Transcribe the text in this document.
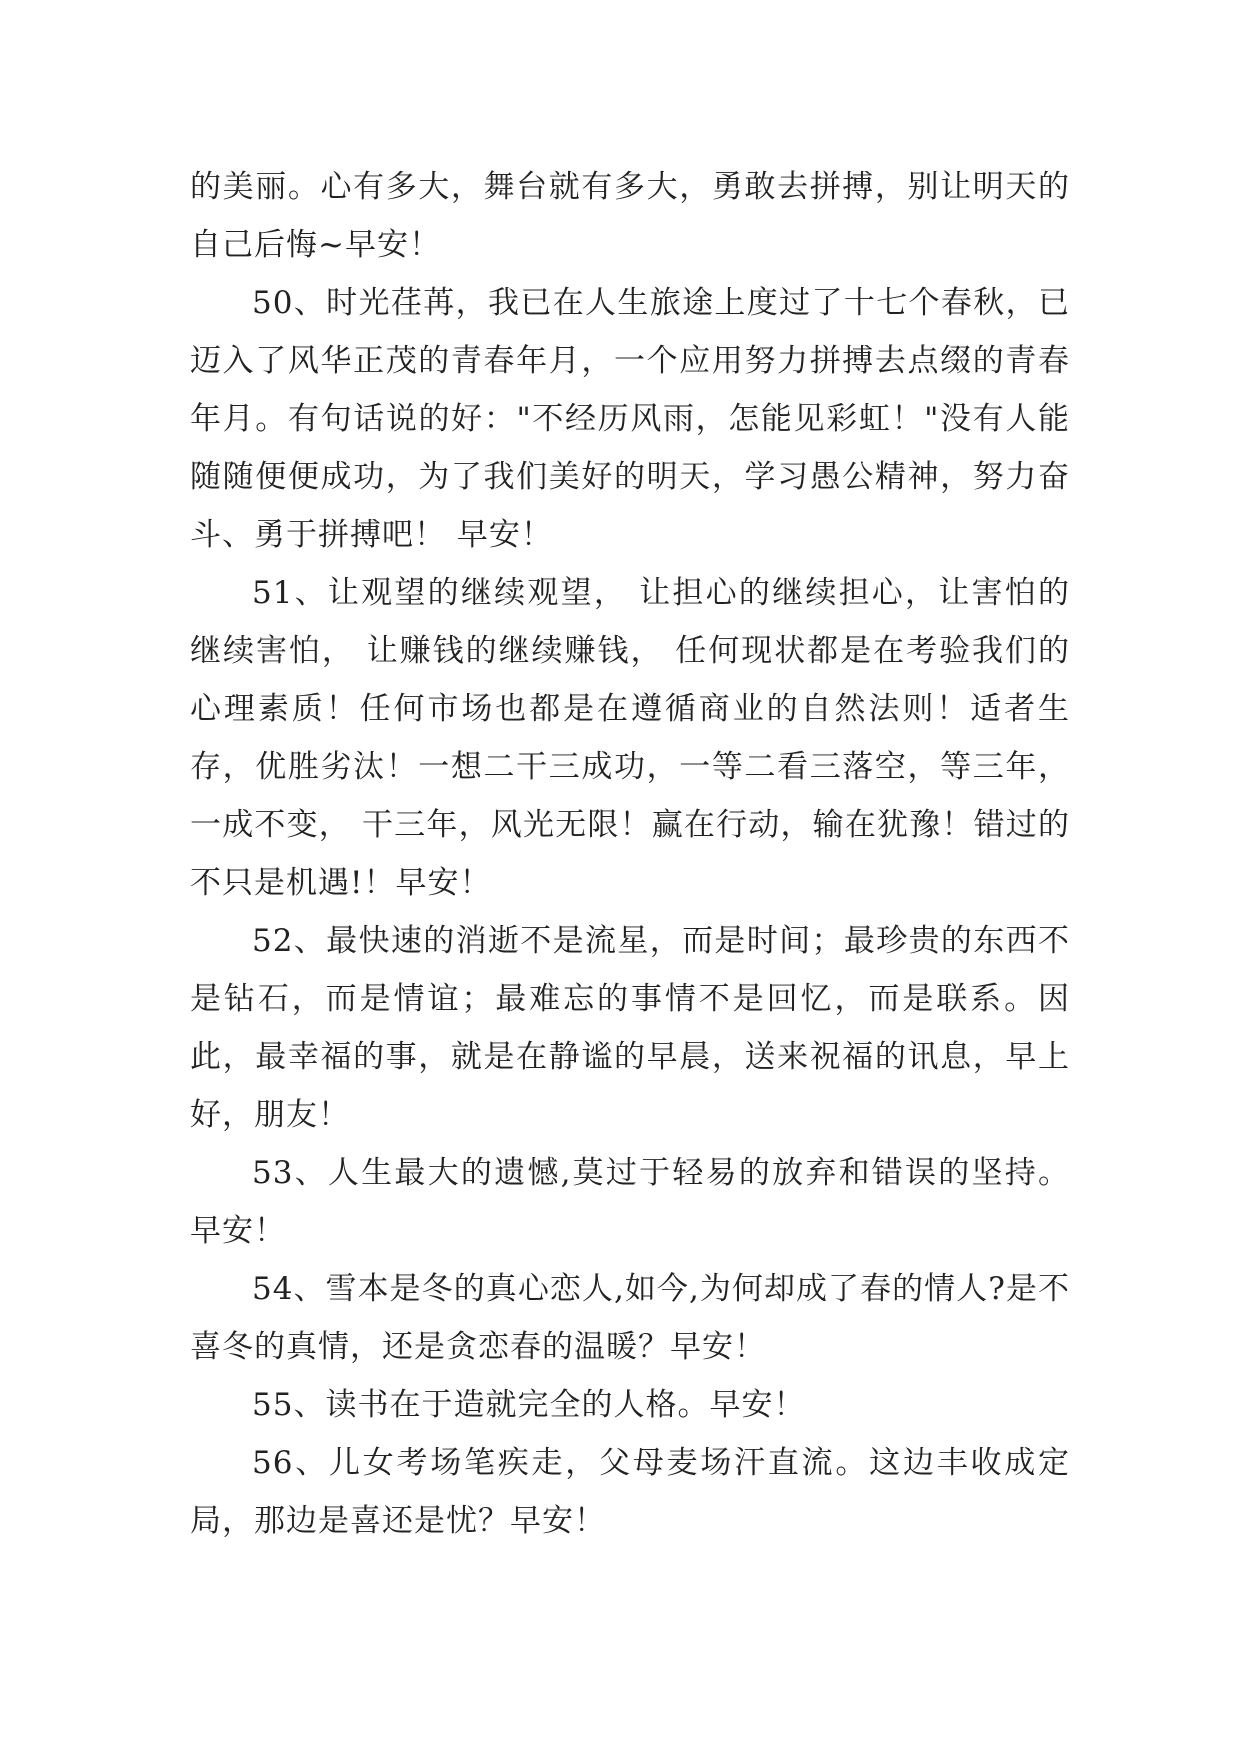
的美丽。心有多大，舞台就有多大，勇敢去拼搏，别让明天的自己后悔~早安！

50、时光荏苒，我已在人生旅途上度过了十七个春秋，已迈入了风华正茂的青春年月，一个应用努力拼搏去点缀的青春年月。有句话说的好："不经历风雨，怎能见彩虹！"没有人能随随便便成功，为了我们美好的明天，学习愚公精神，努力奋斗、勇于拼搏吧！ 早安！

51、让观望的继续观望， 让担心的继续担心，让害怕的继续害怕， 让赚钱的继续赚钱， 任何现状都是在考验我们的心理素质！任何市场也都是在遵循商业的自然法则！适者生存，优胜劣汰！一想二干三成功，一等二看三落空，等三年，一成不变， 干三年，风光无限！赢在行动，输在犹豫！错过的不只是机遇!！早安！

52、最快速的消逝不是流星，而是时间；最珍贵的东西不是钻石，而是情谊；最难忘的事情不是回忆，而是联系。因此，最幸福的事，就是在静谧的早晨，送来祝福的讯息，早上好，朋友！

53、人生最大的遗憾,莫过于轻易的放弃和错误的坚持。早安！

54、雪本是冬的真心恋人,如今,为何却成了春的情人?是不喜冬的真情，还是贪恋春的温暖？早安！

55、读书在于造就完全的人格。早安！

56、儿女考场笔疾走，父母麦场汗直流。这边丰收成定局，那边是喜还是忧？早安！
